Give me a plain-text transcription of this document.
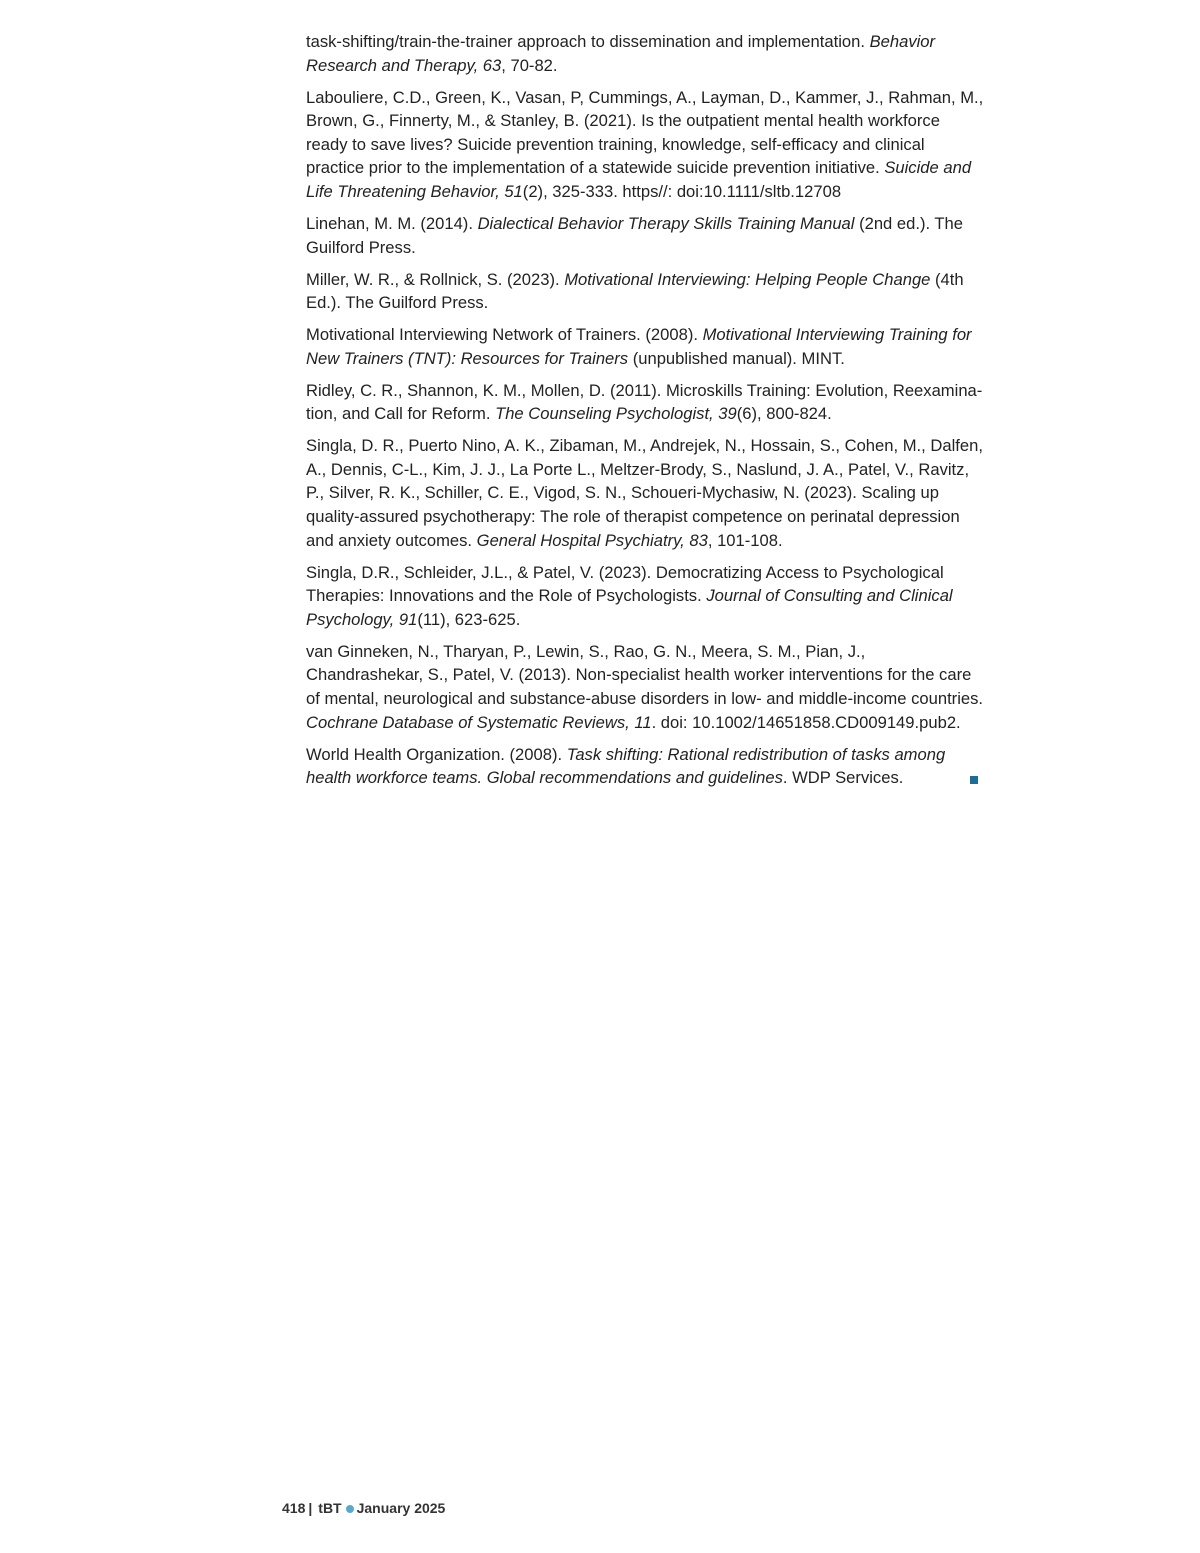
task-shifting/train-the-trainer approach to dissemination and implementation. Behavior Research and Therapy, 63, 70-82.

Labouliere, C.D., Green, K., Vasan, P, Cummings, A., Layman, D., Kammer, J., Rahman, M., Brown, G., Finnerty, M., & Stanley, B. (2021). Is the outpatient mental health workforce ready to save lives? Suicide prevention training, knowledge, self-efficacy and clinical practice prior to the implementation of a statewide suicide prevention initiative. Suicide and Life Threatening Behavior, 51(2), 325-333. https//: doi:10.1111/sltb.12708

Linehan, M. M. (2014). Dialectical Behavior Therapy Skills Training Manual (2nd ed.). The Guilford Press.

Miller, W. R., & Rollnick, S. (2023). Motivational Interviewing: Helping People Change (4th Ed.). The Guilford Press.

Motivational Interviewing Network of Trainers. (2008). Motivational Interviewing Training for New Trainers (TNT): Resources for Trainers (unpublished manual). MINT.

Ridley, C. R., Shannon, K. M., Mollen, D. (2011). Microskills Training: Evolution, Reexamination, and Call for Reform. The Counseling Psychologist, 39(6), 800-824.

Singla, D. R., Puerto Nino, A. K., Zibaman, M., Andrejek, N., Hossain, S., Cohen, M., Dalfen, A., Dennis, C-L., Kim, J. J., La Porte L., Meltzer-Brody, S., Naslund, J. A., Patel, V., Ravitz, P., Silver, R. K., Schiller, C. E., Vigod, S. N., Schoueri-Mychasiw, N. (2023). Scaling up quality-assured psychotherapy: The role of therapist competence on perinatal depression and anxiety outcomes. General Hospital Psychiatry, 83, 101-108.

Singla, D.R., Schleider, J.L., & Patel, V. (2023). Democratizing Access to Psychological Therapies: Innovations and the Role of Psychologists. Journal of Consulting and Clinical Psychology, 91(11), 623-625.

van Ginneken, N., Tharyan, P., Lewin, S., Rao, G. N., Meera, S. M., Pian, J., Chandrashekar, S., Patel, V. (2013). Non-specialist health worker interventions for the care of mental, neurological and substance-abuse disorders in low- and middle-income countries. Cochrane Database of Systematic Reviews, 11. doi: 10.1002/14651858.CD009149.pub2.

World Health Organization. (2008). Task shifting: Rational redistribution of tasks among health workforce teams. Global recommendations and guidelines. WDP Services.

418 | tBT January 2025
